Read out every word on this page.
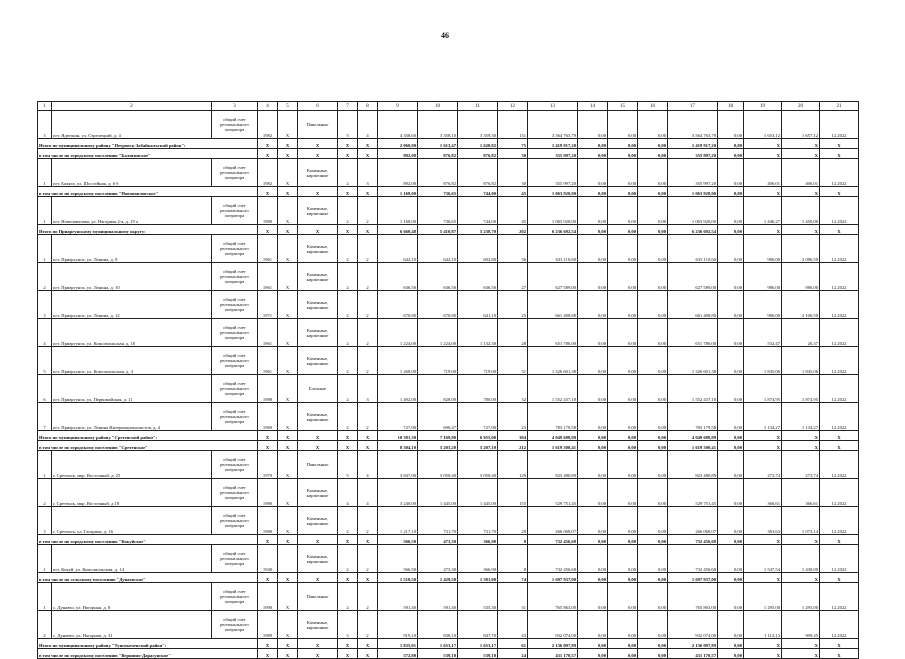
46
1	2	3	4	5	6	7	8	9	10	11	12	13	14	15	16	17	18	19	20	21
3	пгт. Ядюткин, ул. Стрелецкий, д. 4	общий счет регионального оператора	1982	X	Панельные	5	4	4 358,60	3 358,10	3 359,30	131	3 564 763,79	0,00	0,00	0,00	3 564 763,79	0,00	1 653,12	1 657,12	12.2022
Итого по муниципальному району "Петровск-Забайкальский район":			X	X	X	X	X	2 060,00	1 613,47	1 620,82	75	1 419 917,20	0,00	0,00	0,00	1 419 917,20	0,00	X	X	X
в том числе по городскому поселению "Балягинское"			X	X	X	X	X	892,00	876,82	876,82	30	355 997,20	0,00	0,00	0,00	355 997,20	0,00	X	X	X
1	пгт. Балята, ул. Шоссейная, д. 6 б	общий счет регионального оператора	1982	X	Каменные, кирпичные	2	3	892,00	876,82	876,82	30	355 997,20	0,00	0,00	0,00	355 997,20	0,00	406,01	406,01	12.2022
в том числе по городскому поселению "Новопавловское"			X	X	X	X	X	1 168,00	736,65	744,00	45	1 063 920,00	0,00	0,00	0,00	1 063 920,00	0,00	X	X	X
1	пгт. Новопавловка, ул. Нагорная 2-я, д. 19 а	общий счет регионального оператора	1980	X	Каменные, кирпичные	2	2	1 168,00	736,65	744,00	45	1 063 920,00	0,00	0,00	0,00	1 063 920,00	0,00	1 446,27	1 450,00	12.2022
Итого по Приаргунскому муниципальному округу:			X	X	X	X	X	6 660,48	5 410,87	5 238,70	202	6 236 692,54	0,00	0,00	0,00	6 236 692,54	0,00	X	X	X
1	пгт. Приаргунск, ул. Ленина, д. 8	общий счет регионального оператора	1961	X	Каменные, кирпичные	2	2	642,10	642,10	602,80	36	633 110,60	0,00	0,00	0,00	633 110,60	0,00	986,00	3 086,50	12.2022
2	пгт. Приаргунск, ул. Ленина, д. 10	общий счет регионального оператора	1961	X	Каменные, кирпичные	2	2	636,50	636,50	636,50	27	627 589,00	0,00	0,00	0,00	627 589,00	0,00	986,00	986,00	12.2022
3	пгт. Приаргунск, ул. Ленина, д. 12	общий счет регионального оператора	1971	X	Каменные, кирпичные	2	2	670,80	670,80	641,10	25	661 408,80	0,00	0,00	0,00	661 408,80	0,00	986,00	2 100,50	12.2022
4	пгт. Приаргунск, ул. Комсомольская, д. 10	общий счет регионального оператора	1961	X	Каменные, кирпичные	2	2	1 224,00	1 224,00	1 132,30	28	651 786,00	0,00	0,00	0,00	651 786,00	0,00	532,47	26,37	12.2022
5	пгт. Приаргунск, ул. Комсомольская, д. 4	общий счет регионального оператора	1961	X	Каменные, кирпичные	2	2	1 268,00	719,00	719,00	31	1 326 601,38	0,00	0,00	0,00	1 326 601,38	0,00	1 845,06	1 845,06	12.2022
6	пгт. Приаргунск, ул. Первомайская, д. 11	общий счет регионального оператора	1988	X	Блочные	2	3	1 492,00	828,00	780,00	32	1 552 437,18	0,00	0,00	0,00	1 552 437,18	0,00	1 874,95	1 874,95	12.2022
7	пгт. Приаргунск, ул. Ленина Интернационалистов, д. 4	общий счет регионального оператора	1969	X	Каменные, кирпичные	2	2	727,00	690,47	727,00	23	783 179,58	0,00	0,00	0,00	783 179,58	0,00	1 134,27	1 134,27	12.2022
Итого по муниципальному району "Сретенский район":			X	X	X	X	X	10 381,30	7 169,90	6 955,00	394	4 049 688,09	0,00	0,00	0,00	4 049 688,09	0,00	X	X	X
в том числе по городскому поселению "Сретенское"			X	X	X	X	X	8 304,10	5 203,20	5 207,10	212	1 619 300,41	0,00	0,00	0,00	1 619 300,41	0,00	X	X	X
1	г. Сретенск, мкр. Восточный, д. 25	общий счет регионального оператора	1979	X	Панельные	5	4	3 847,00	3 050,40	3 050,40	129	823 480,89	0,00	0,00	0,00	823 480,89	0,00	273,74	273,74	12.2022
2	г. Сретенск, мкр. Восточный, д.18	общий счет регионального оператора	1980	X	Каменные, кирпичные	4	4	3 240,00	1 445,00	1 445,00	155	529 751,45	0,00	0,00	0,00	529 751,45	0,00	366,61	366,61	12.2022
3	г. Сретенск, ул. Гагарина, д. 16	общий счет регионального оператора	1980	X	Каменные, кирпичные	2	2	1 217,10	731,70	731,70	28	266 068,07	0,00	0,00	0,00	266 068,07	0,00	363,63	1 073,14	12.2022
в том числе по городскому поселению "Кокуйское"			X	X	X	X	X	566,50	473,30	366,90	8	732 456,68	0,00	0,00	0,00	732 456,68	0,00	X	X	X
1	пгт. Кокуй, ул. Комсомольская, д. 14	общий счет регионального оператора	1940		Каменные, кирпичные	2	2	566,50	473,30	366,90	8	732 456,68	0,00	0,00	0,00	732 456,68	0,00	1 547,54	1 430,00	12.2022
в том числе по сельскому поселению "Дунаевское"			X	X	X	X	X	1 510,50	1 429,50	1 381,00	74	1 697 937,00	0,00	0,00	0,00	1 697 937,00	0,00	X	X	X
1	с. Дунаево, ул. Нагорная, д. 8	общий счет регионального оператора	1990	X	Панельные	2	2	591,40	591,40	535,30	31	765 863,00	0,00	0,00	0,00	765 863,00	0,00	1 295,00	1 295,00	12.2022
2	с. Дунаево, ул. Нагорная, д. 31	общий счет регионального оператора	1989	X	Каменные, кирпичные	3	2	919,10	838,10	847,70	43	932 074,00	0,00	0,00	0,00	932 074,00	0,00	1 112,13	909,45	12.2022
Итого по муниципальному району "Тунгокоченский район":			X	X	X	X	X	1 835,01	1 653,17	1 653,17	61	2 136 097,89	0,00	0,00	0,00	2 136 097,89	0,00	X	X	X
в том числе по городскому поселению "Вершино-Дарасунское"			X	X	X	X	X	572,80	539,10	539,10	24	431 170,57	0,00	0,00	0,00	431 170,57	0,00	X	X	X
